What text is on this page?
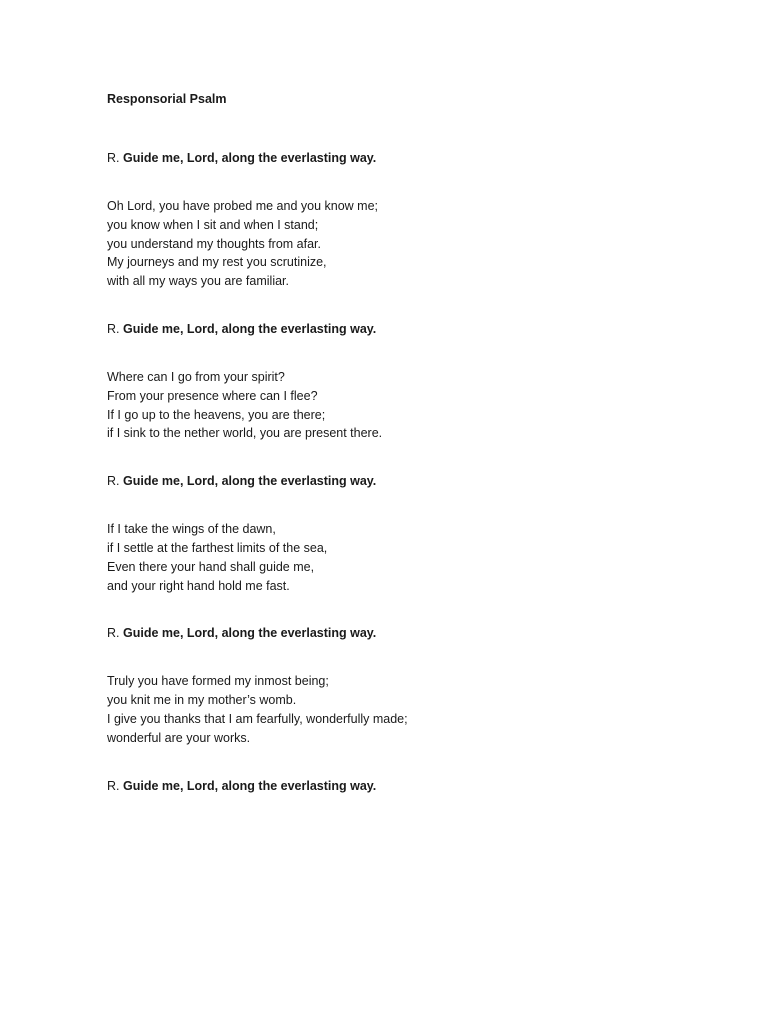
Responsorial Psalm

R. Guide me, Lord, along the everlasting way.

Oh Lord, you have probed me and you know me;
you know when I sit and when I stand;
you understand my thoughts from afar.
My journeys and my rest you scrutinize,
with all my ways you are familiar.

R. Guide me, Lord, along the everlasting way.

Where can I go from your spirit?
From your presence where can I flee?
If I go up to the heavens, you are there;
if I sink to the nether world, you are present there.

R. Guide me, Lord, along the everlasting way.

If I take the wings of the dawn,
if I settle at the farthest limits of the sea,
Even there your hand shall guide me,
and your right hand hold me fast.

R. Guide me, Lord, along the everlasting way.

Truly you have formed my inmost being;
you knit me in my mother’s womb.
I give you thanks that I am fearfully, wonderfully made;
wonderful are your works.

R. Guide me, Lord, along the everlasting way.
